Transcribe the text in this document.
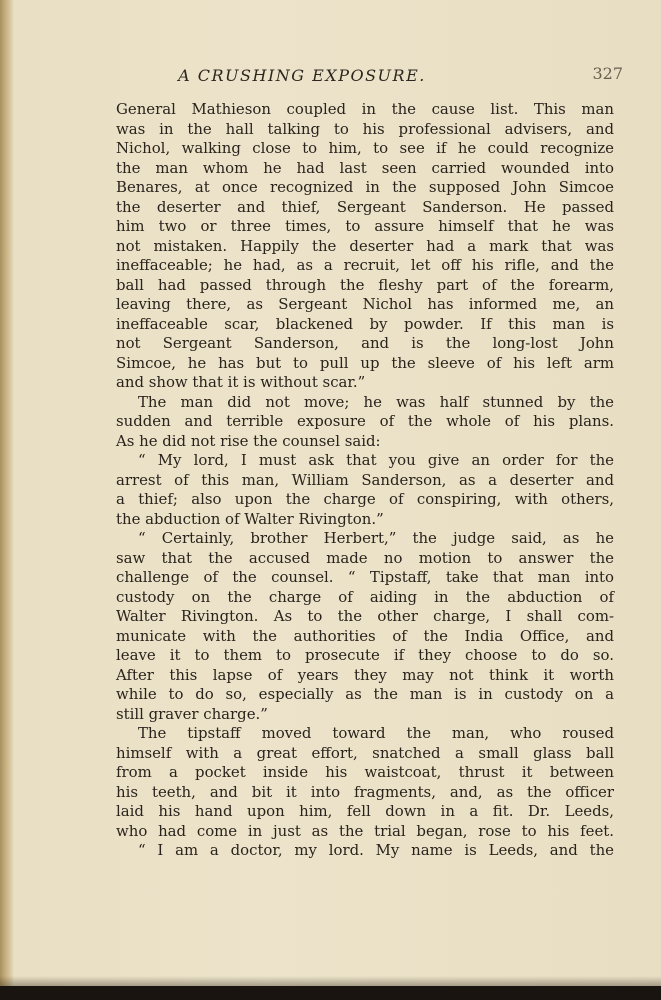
A CRUSHING EXPOSURE.	327
General Mathieson coupled in the cause list. This man
was in the hall talking to his professional advisers, and
Nichol, walking close to him, to see if he could recognize
the man whom he had last seen carried wounded into
Benares, at once recognized in the supposed John Simcoe
the deserter and thief, Sergeant Sanderson. He passed
him two or three times, to assure himself that he was
not mistaken. Happily the deserter had a mark that was
ineffaceable; he had, as a recruit, let off his rifle, and the
ball had passed through the fleshy part of the forearm,
leaving there, as Sergeant Nichol has informed me, an
ineffaceable scar, blackened by powder. If this man is
not Sergeant Sanderson, and is the long-lost John
Simcoe, he has but to pull up the sleeve of his left arm
and show that it is without scar.”
The man did not move; he was half stunned by the
sudden and terrible exposure of the whole of his plans.
As he did not rise the counsel said:
“ My lord, I must ask that you give an order for the
arrest of this man, William Sanderson, as a deserter and
a thief; also upon the charge of conspiring, with others,
the abduction of Walter Rivington.”
“ Certainly, brother Herbert,” the judge said, as he
saw that the accused made no motion to answer the
challenge of the counsel. “ Tipstaff, take that man into
custody on the charge of aiding in the abduction of
Walter Rivington. As to the other charge, I shall com-
municate with the authorities of the India Office, and
leave it to them to prosecute if they choose to do so.
After this lapse of years they may not think it worth
while to do so, especially as the man is in custody on a
still graver charge.”
The tipstaff moved toward the man, who roused
himself with a great effort, snatched a small glass ball
from a pocket inside his waistcoat, thrust it between
his teeth, and bit it into fragments, and, as the officer
laid his hand upon him, fell down in a fit. Dr. Leeds,
who had come in just as the trial began, rose to his feet.
“ I am a doctor, my lord. My name is Leeds, and the
